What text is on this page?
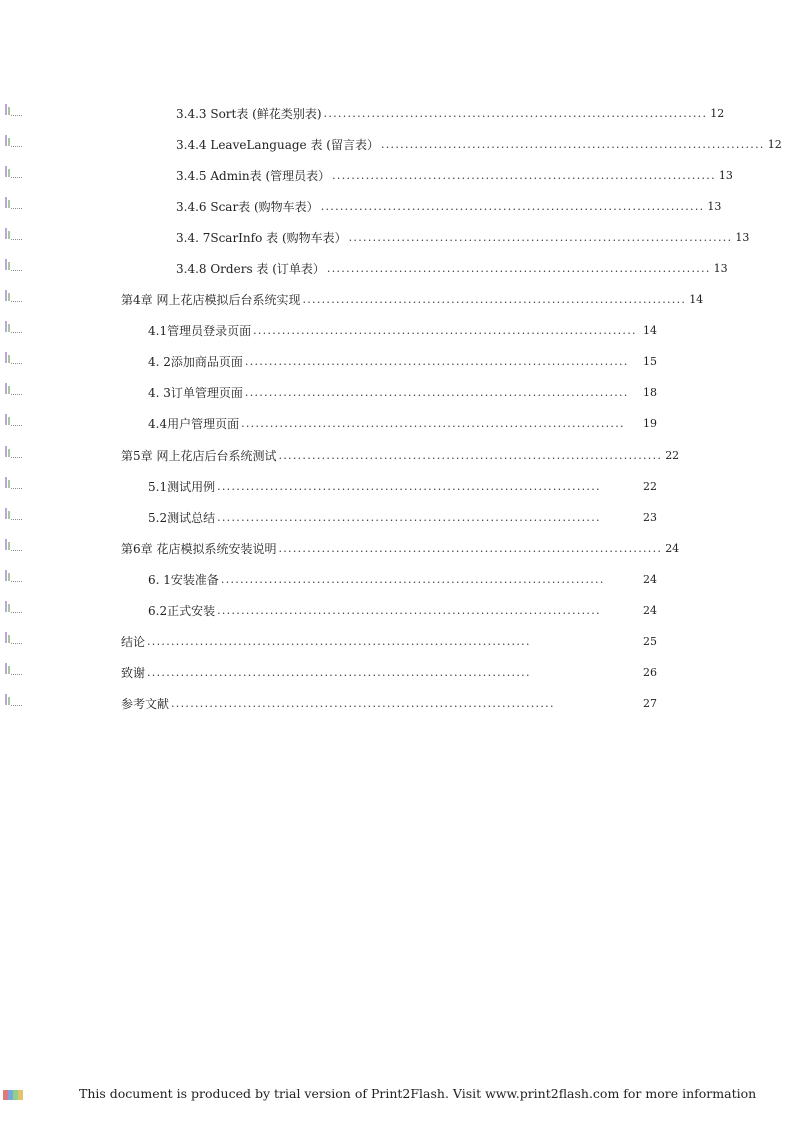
3.4.3 Sort表 (鲜花类别表) ................................................................................ 12
3.4.4 LeaveLanguage 表 (留言表） ................................................................................ 12
3.4.5 Admin表 (管理员表） ................................................................................ 13
3.4.6 Scar表 (购物车表） ................................................................................ 13
3.4. 7ScarInfo 表 (购物车表） ................................................................................ 13
3.4.8 Orders 表 (订单表） ................................................................................ 13
第4章 网上花店模拟后台系统实现 ................................................................................ 14
4.1管理员登录页面 ................................................................................ 14
4. 2添加商品页面 ................................................................................	15
4. 3订单管理页面 ................................................................................	18
4.4用户管理页面 ................................................................................	19
第5章 网上花店后台系统测试 ................................................................................ 22
5.1测试用例 ................................................................................	22
5.2测试总结 ................................................................................	23
第6章 花店模拟系统安装说明 ................................................................................ 24
6. 1安装准备 ................................................................................	24
6.2正式安装 ................................................................................	24
结论 ................................................................................	25
致谢 ................................................................................	26
参考文献 ................................................................................	27
This document is produced by trial version of Print2Flash. Visit www.print2flash.com for more information
